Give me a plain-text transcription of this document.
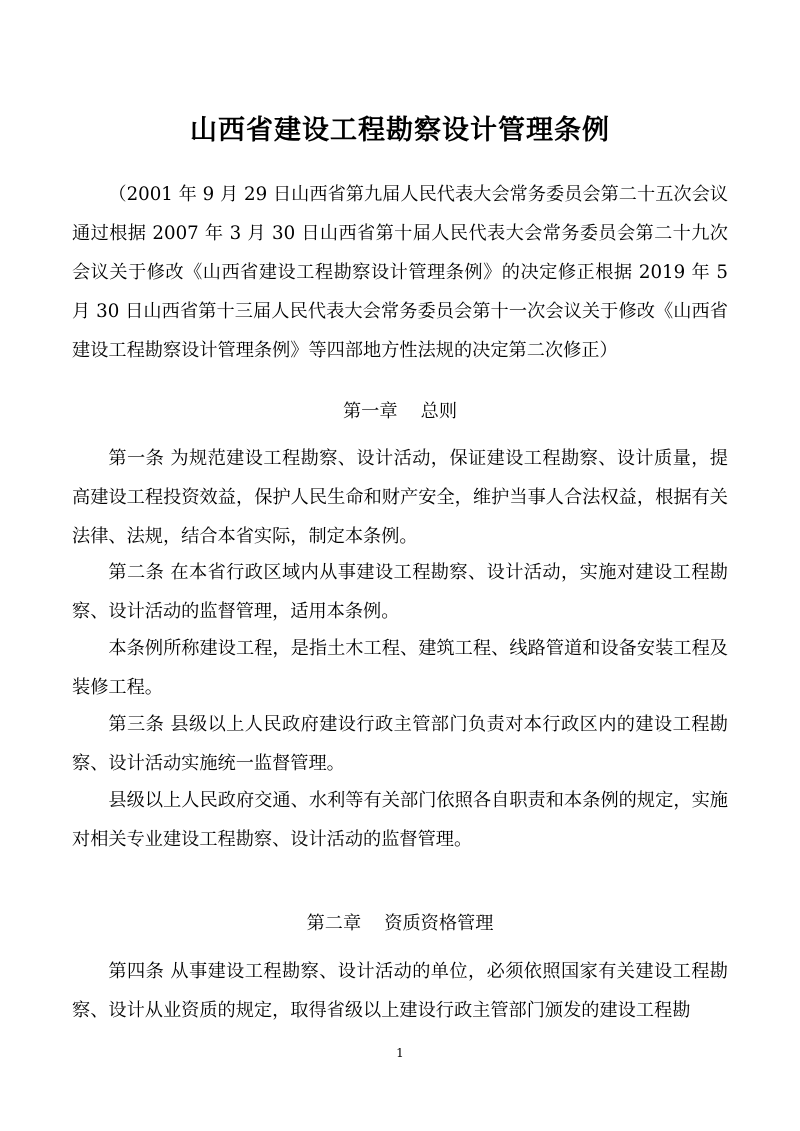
山西省建设工程勘察设计管理条例
（2001 年 9 月 29 日山西省第九届人民代表大会常务委员会第二十五次会议通过根据 2007 年 3 月 30 日山西省第十届人民代表大会常务委员会第二十九次会议关于修改《山西省建设工程勘察设计管理条例》的决定修正根据 2019 年 5 月 30 日山西省第十三届人民代表大会常务委员会第十一次会议关于修改《山西省建设工程勘察设计管理条例》等四部地方性法规的决定第二次修正）
第一章    总则
第一条 为规范建设工程勘察、设计活动，保证建设工程勘察、设计质量，提高建设工程投资效益，保护人民生命和财产安全，维护当事人合法权益，根据有关法律、法规，结合本省实际，制定本条例。
第二条 在本省行政区域内从事建设工程勘察、设计活动，实施对建设工程勘察、设计活动的监督管理，适用本条例。
本条例所称建设工程，是指土木工程、建筑工程、线路管道和设备安装工程及装修工程。
第三条 县级以上人民政府建设行政主管部门负责对本行政区内的建设工程勘察、设计活动实施统一监督管理。
县级以上人民政府交通、水利等有关部门依照各自职责和本条例的规定，实施对相关专业建设工程勘察、设计活动的监督管理。
第二章    资质资格管理
第四条 从事建设工程勘察、设计活动的单位，必须依照国家有关建设工程勘察、设计从业资质的规定，取得省级以上建设行政主管部门颁发的建设工程勘
1
